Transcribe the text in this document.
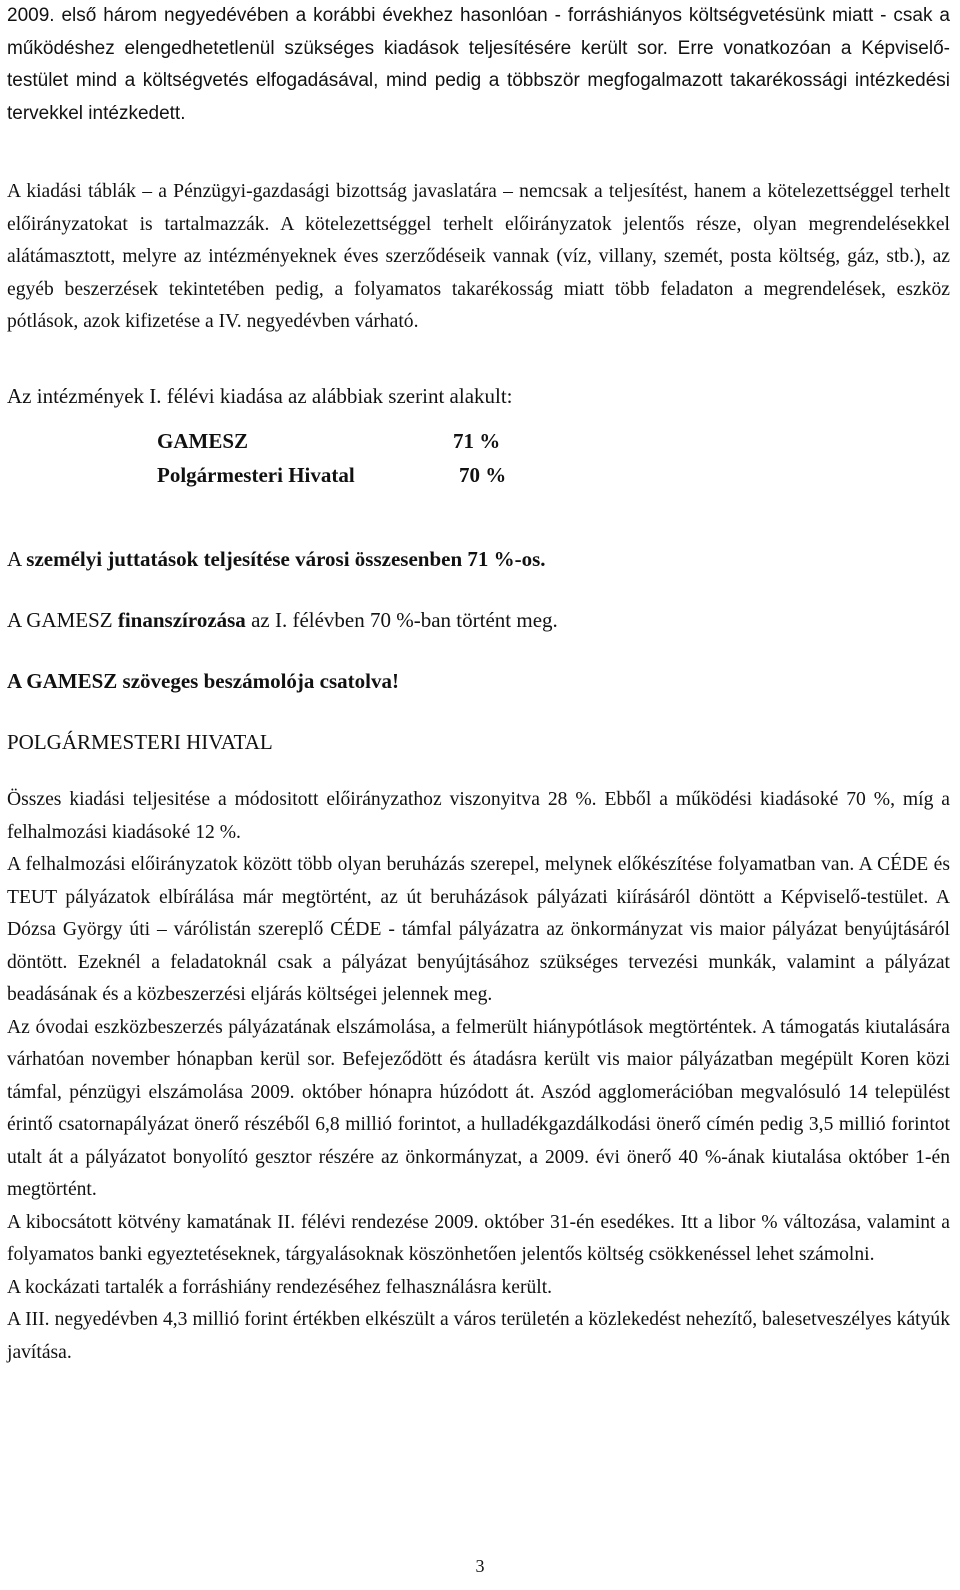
2009. első három negyedévében a korábbi évekhez hasonlóan - forráshiányos költségvetésünk miatt - csak a működéshez elengedhetetlenül szükséges kiadások teljesítésére került sor. Erre vonatkozóan a Képviselő-testület mind a költségvetés elfogadásával, mind pedig a többször megfogalmazott takarékossági intézkedési tervekkel intézkedett.

A kiadási táblák – a Pénzügyi-gazdasági bizottság javaslatára – nemcsak a teljesítést, hanem a kötelezettséggel terhelt előirányzatokat is tartalmazzák. A kötelezettséggel terhelt előirányzatok jelentős része, olyan megrendelésekkel alátámasztott, melyre az intézményeknek éves szerződéseik vannak (víz, villany, szemét, posta költség, gáz, stb.), az egyéb beszerzések tekintetében pedig, a folyamatos takarékosság miatt több feladaton a megrendelések, eszköz pótlások, azok kifizetése a IV. negyedévben várható.

Az intézmények I. félévi kiadása az alábbiak szerint alakult:

GAMESZ	71 %
Polgármesteri Hivatal	70 %

A személyi juttatások teljesítése városi összesenben 71 %-os.

A GAMESZ finanszírozása az I. félévben 70 %-ban történt meg.

A GAMESZ szöveges beszámolója csatolva!

POLGÁRMESTERI HIVATAL

Összes kiadási teljesitése a módositott előirányzathoz viszonyitva 28 %. Ebből a működési kiadásoké 70 %, míg a felhalmozási kiadásoké 12 %.

A felhalmozási előirányzatok között több olyan beruházás szerepel, melynek előkészítése folyamatban van. A CÉDE és TEUT pályázatok elbírálása már megtörtént, az út beruházások pályázati kiírásáról döntött a Képviselő-testület. A Dózsa György úti – várólistán szereplő CÉDE - támfal pályázatra az önkormányzat vis maior pályázat benyújtásáról döntött. Ezeknél a feladatoknál csak a pályázat benyújtásához szükséges tervezési munkák, valamint a pályázat beadásának és a közbeszerzési eljárás költségei jelennek meg.

Az óvodai eszközbeszerzés pályázatának elszámolása, a felmerült hiánypótlások megtörténtek. A támogatás kiutalására várhatóan november hónapban kerül sor. Befejeződött és átadásra került vis maior pályázatban megépült Koren közi támfal, pénzügyi elszámolása 2009. október hónapra húzódott át. Aszód agglomerációban megvalósuló 14 települést érintő csatornapályázat önerő részéből 6,8 millió forintot, a hulladékgazdálkodási önerő címén pedig 3,5 millió forintot utalt át a pályázatot bonyolító gesztor részére az önkormányzat, a 2009. évi önerő 40 %-ának kiutalása október 1-én megtörtént.

A kibocsátott kötvény kamatának II. félévi rendezése 2009. október 31-én esedékes. Itt a libor % változása, valamint a folyamatos banki egyeztetéseknek, tárgyalásoknak köszönhetően jelentős költség csökkenéssel lehet számolni.

A kockázati tartalék a forráshiány rendezéséhez felhasználásra került.

A III. negyedévben 4,3 millió forint értékben elkészült a város területén a közlekedést nehezítő, balesetveszélyes kátyúk javítása.

3
